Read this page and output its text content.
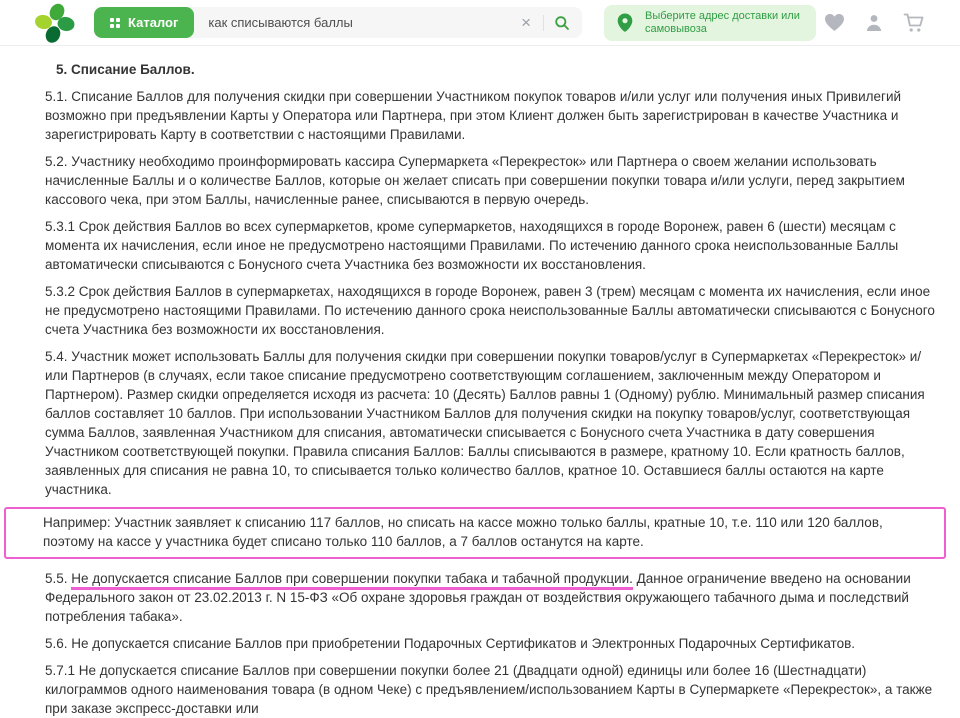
Каталог
как списываются баллы	×	Выберите адрес доставки или
самовывоза
5. Списание Баллов.

5.1. Списание Баллов для получения скидки при совершении Участником покупок товаров и/или услуг или получения иных Привилегий возможно при предъявлении Карты у Оператора или Партнера, при этом Клиент должен быть зарегистрирован в качестве Участника и зарегистрировать Карту в соответствии с настоящими Правилами.

5.2. Участнику необходимо проинформировать кассира Супермаркета «Перекресток» или Партнера о своем желании использовать начисленные Баллы и о количестве Баллов, которые он желает списать при совершении покупки товара и/или услуги, перед закрытием кассового чека, при этом Баллы, начисленные ранее, списываются в первую очередь.

5.3.1 Срок действия Баллов во всех супермаркетов, кроме супермаркетов, находящихся в городе Воронеж, равен 6 (шести) месяцам с момента их начисления, если иное не предусмотрено настоящими Правилами. По истечению данного срока неиспользованные Баллы автоматически списываются с Бонусного счета Участника без возможности их восстановления.

5.3.2 Срок действия Баллов в супермаркетах, находящихся в городе Воронеж, равен 3 (трем) месяцам с момента их начисления, если иное не предусмотрено настоящими Правилами. По истечению данного срока неиспользованные Баллы автоматически списываются с Бонусного счета Участника без возможности их восстановления.

5.4. Участник может использовать Баллы для получения скидки при совершении покупки товаров/услуг в Супермаркетах «Перекресток» и/или Партнеров (в случаях, если такое списание предусмотрено соответствующим соглашением, заключенным между Оператором и Партнером). Размер скидки определяется исходя из расчета: 10 (Десять) Баллов равны 1 (Одному) рублю. Минимальный размер списания баллов составляет 10 баллов. При использовании Участником Баллов для получения скидки на покупку товаров/услуг, соответствующая сумма Баллов, заявленная Участником для списания, автоматически списывается с Бонусного счета Участника в дату совершения Участником соответствующей покупки. Правила списания Баллов: Баллы списываются в размере, кратному 10. Если кратность баллов, заявленных для списания не равна 10, то списывается только количество баллов, кратное 10. Оставшиеся баллы остаются на карте участника.

Например: Участник заявляет к списанию 117 баллов, но списать на кассе можно только баллы, кратные 10, т.е. 110 или 120 баллов, поэтому на кассе у участника будет списано только 110 баллов, а 7 баллов останутся на карте.

5.5. Не допускается списание Баллов при совершении покупки табака и табачной продукции. Данное ограничение введено на основании Федерального закон от 23.02.2013 г. N 15-ФЗ «Об охране здоровья граждан от воздействия окружающего табачного дыма и последствий потребления табака».

5.6. Не допускается списание Баллов при приобретении Подарочных Сертификатов и Электронных Подарочных Сертификатов.

5.7.1 Не допускается списание Баллов при совершении покупки более 21 (Двадцати одной) единицы или более 16 (Шестнадцати) килограммов одного наименования товара (в одном Чеке) с предъявлением/использованием Карты в Супермаркете «Перекресток», а также при заказе экспресс-доставки или
